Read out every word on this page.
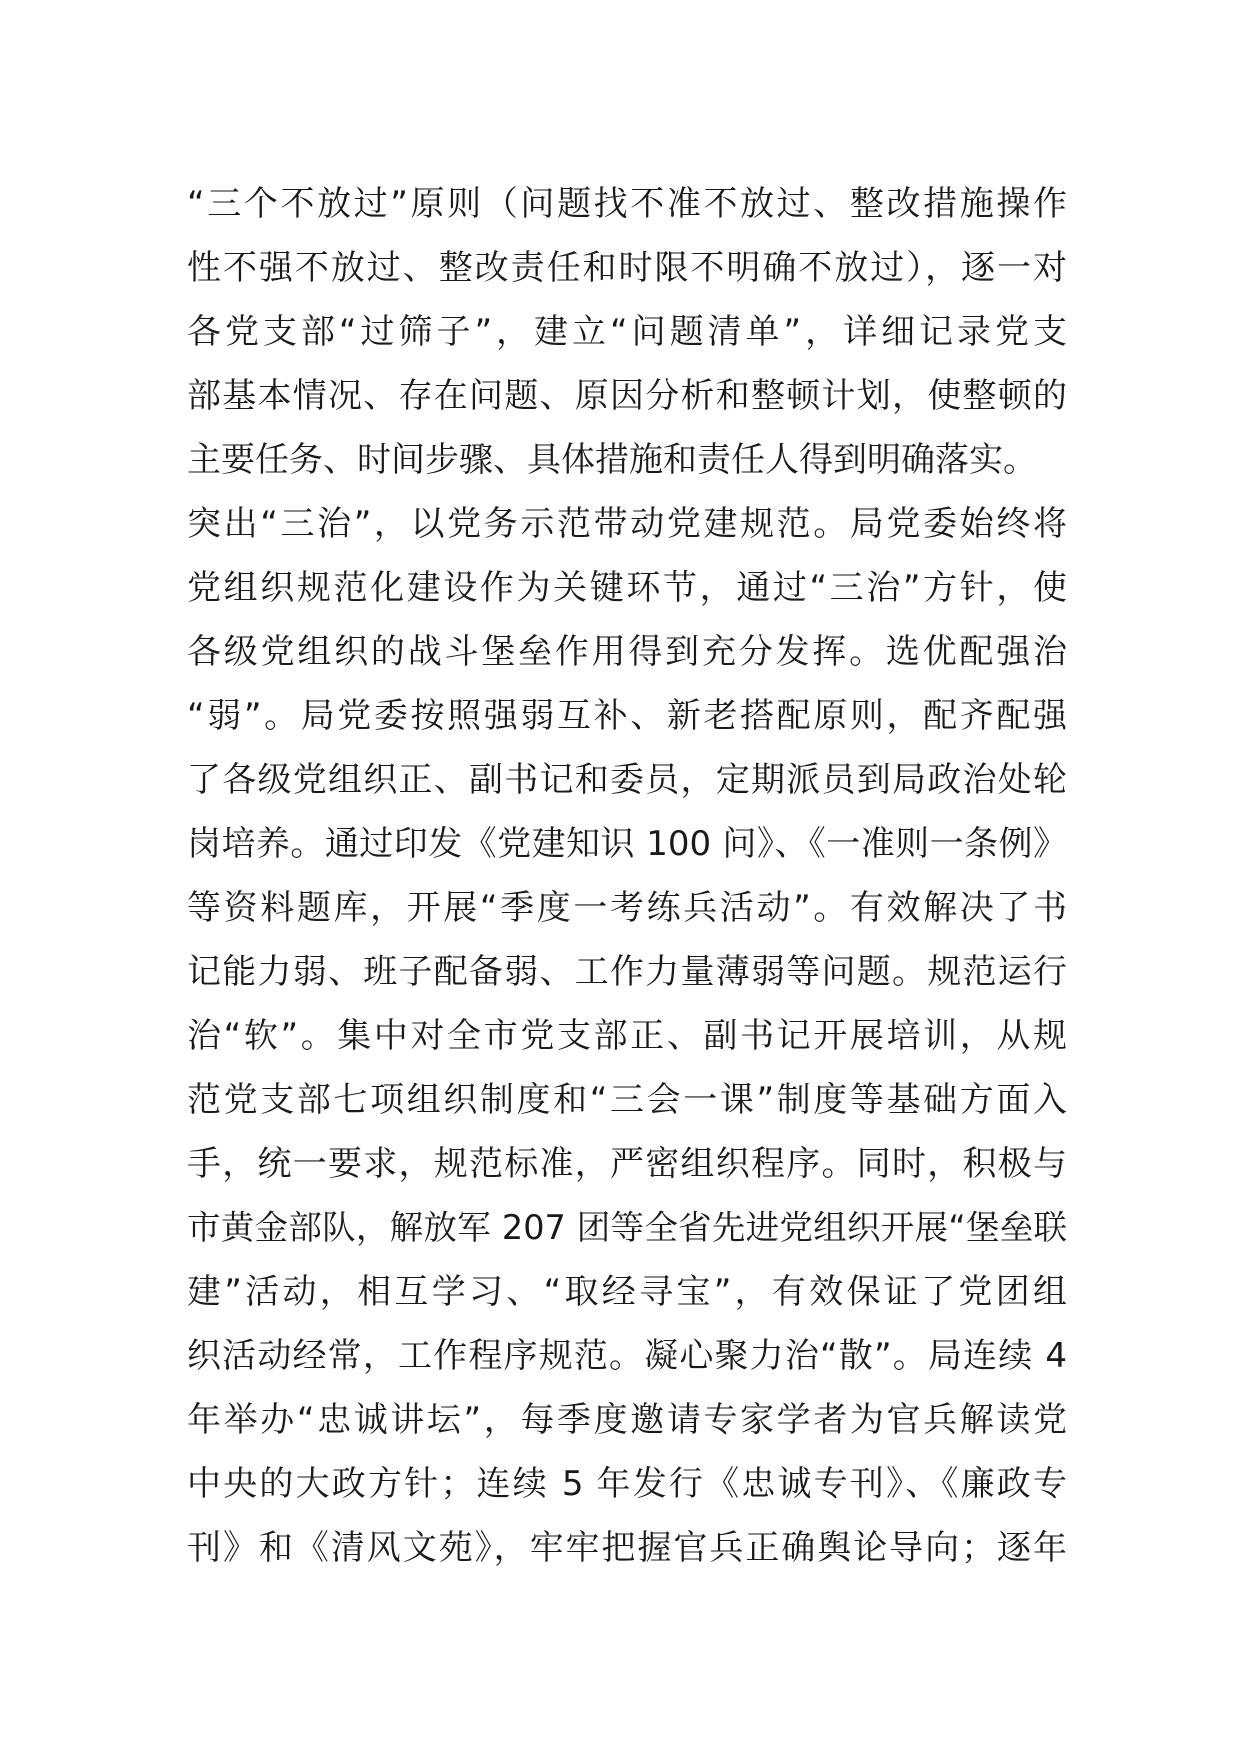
“三个不放过”原则（问题找不准不放过、整改措施操作
性不强不放过、整改责任和时限不明确不放过），逐一对
各党支部“过筛子”，建立“问题清单”，详细记录党支
部基本情况、存在问题、原因分析和整顿计划，使整顿的
主要任务、时间步骤、具体措施和责任人得到明确落实。
突出“三治”，以党务示范带动党建规范。局党委始终将
党组织规范化建设作为关键环节，通过“三治”方针，使
各级党组织的战斗堡垒作用得到充分发挥。选优配强治
“弱”。局党委按照强弱互补、新老搭配原则，配齐配强
了各级党组织正、副书记和委员，定期派员到局政治处轮
岗培养。通过印发《党建知识 100 问》、《一准则一条例》
等资料题库，开展“季度一考练兵活动”。有效解决了书
记能力弱、班子配备弱、工作力量薄弱等问题。规范运行
治“软”。集中对全市党支部正、副书记开展培训，从规
范党支部七项组织制度和“三会一课”制度等基础方面入
手，统一要求，规范标准，严密组织程序。同时，积极与
市黄金部队，解放军 207 团等全省先进党组织开展“堡垒联
建”活动，相互学习、“取经寻宝”，有效保证了党团组
织活动经常，工作程序规范。凝心聚力治“散”。局连续 4
年举办“忠诚讲坛”，每季度邀请专家学者为官兵解读党
中央的大政方针；连续 5 年发行《忠诚专刊》、《廉政专
刊》和《清风文苑》，牢牢把握官兵正确舆论导向；逐年
